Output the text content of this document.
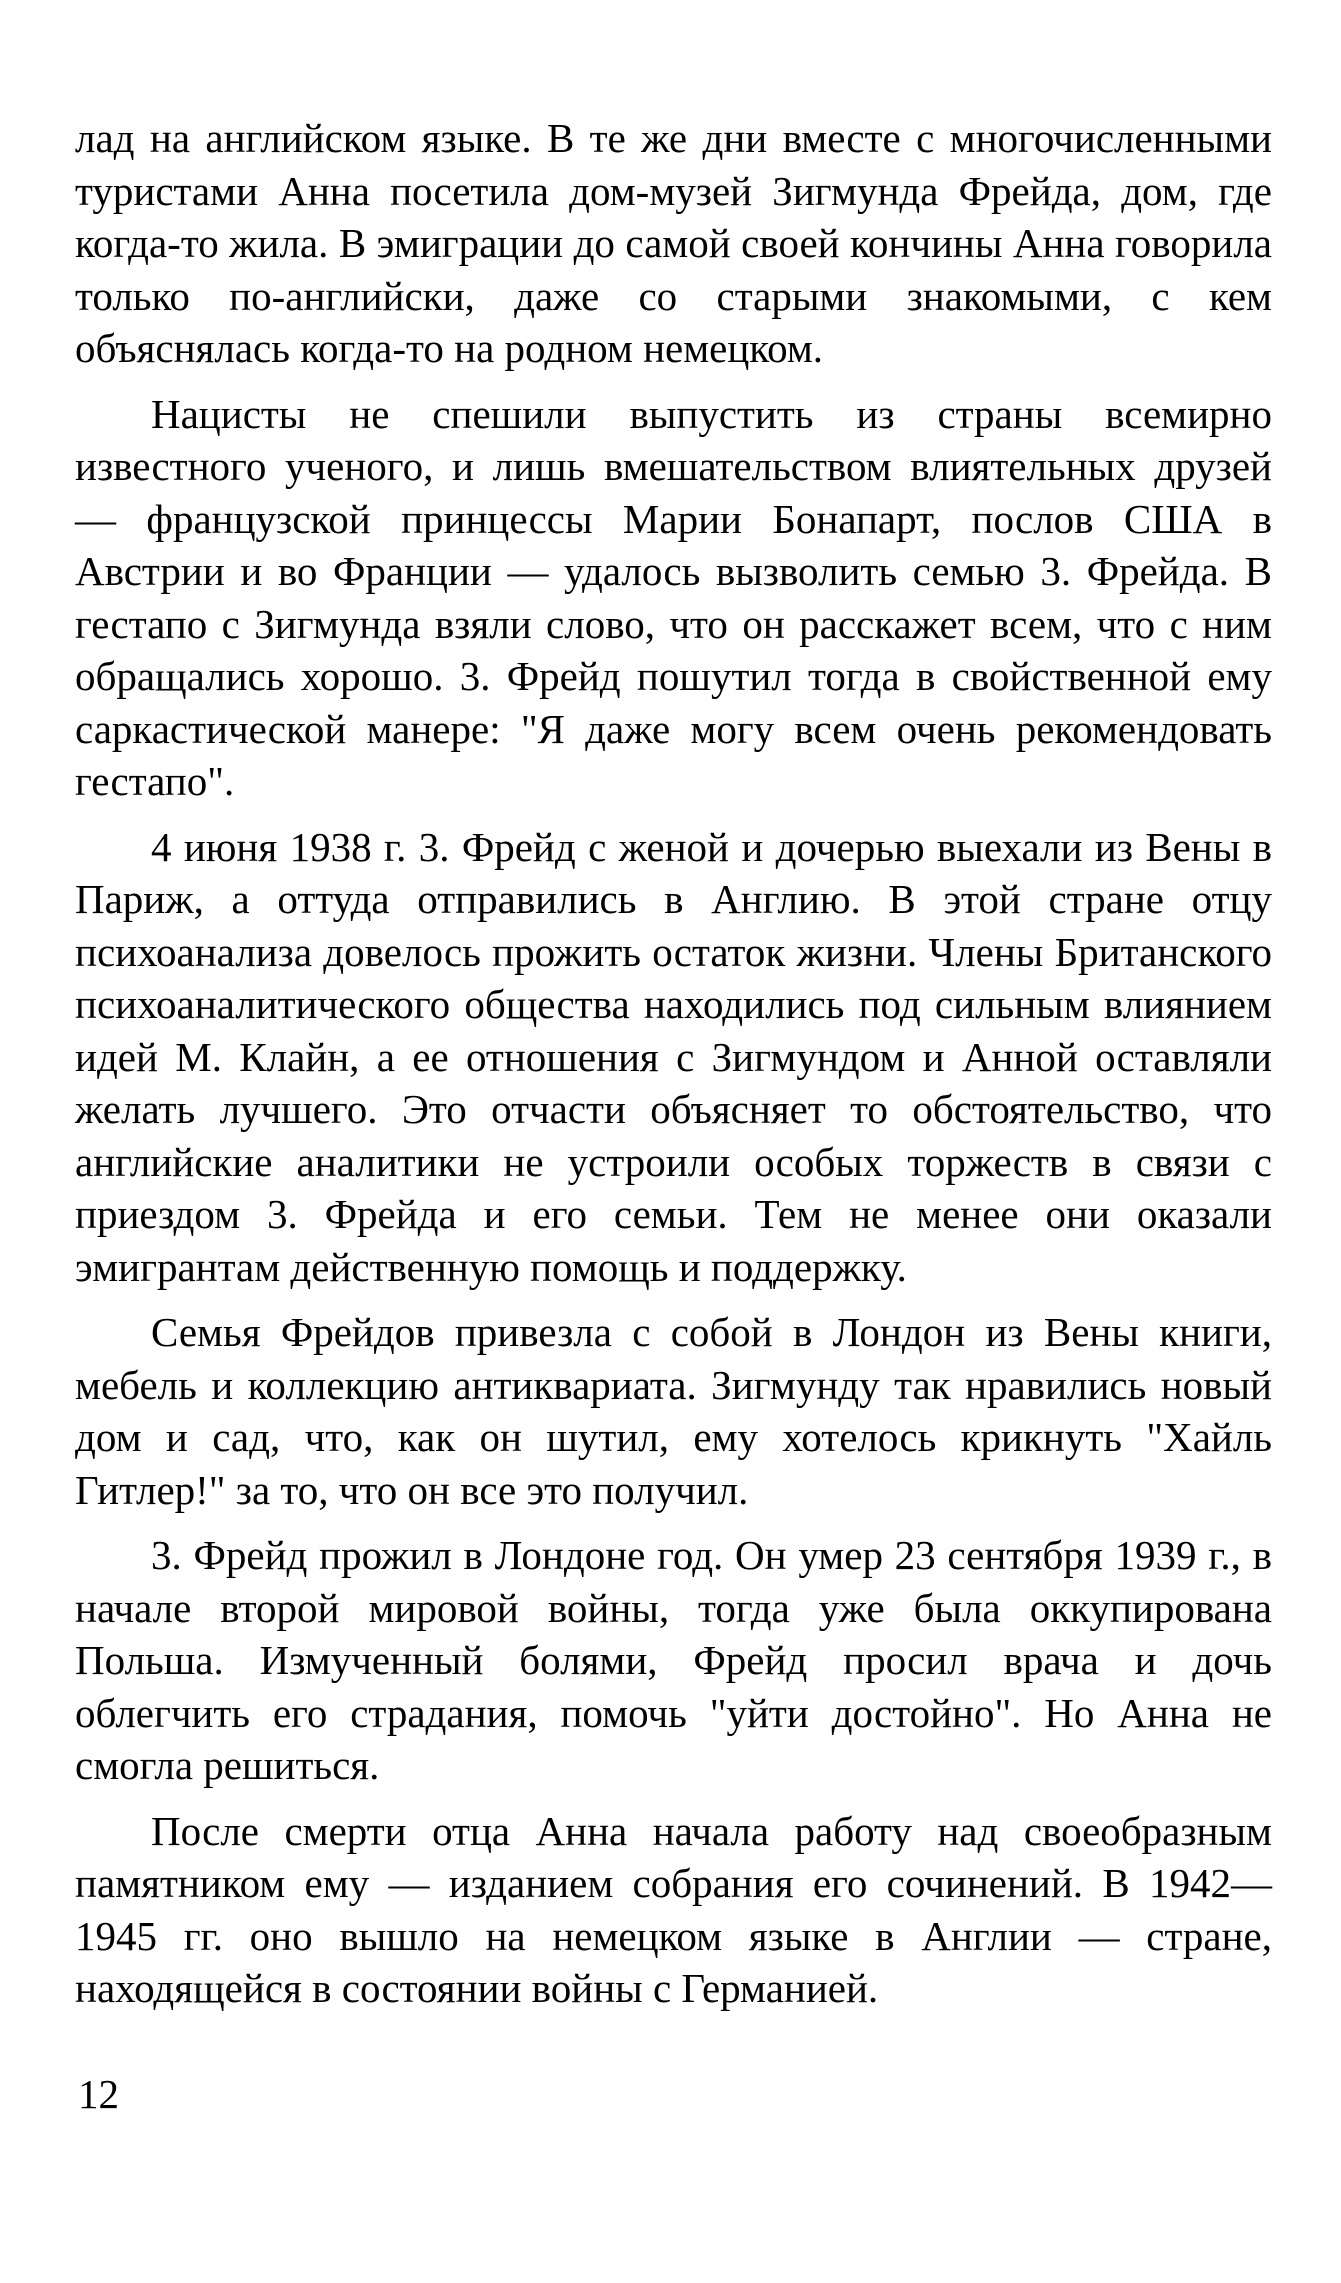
лад на английском языке. В те же дни вместе с многочисленными туристами Анна посетила дом-музей Зигмунда Фрейда, дом, где когда-то жила. В эмиграции до самой своей кончины Анна говорила только по-английски, даже со старыми знакомыми, с кем объяснялась когда-то на родном немецком.

Нацисты не спешили выпустить из страны всемирно известного ученого, и лишь вмешательством влиятельных друзей — французской принцессы Марии Бонапарт, послов США в Австрии и во Франции — удалось вызволить семью 3. Фрейда. В гестапо с Зигмунда взяли слово, что он расскажет всем, что с ним обращались хорошо. 3. Фрейд пошутил тогда в свойственной ему саркастической манере: "Я даже могу всем очень рекомендовать гестапо".

4 июня 1938 г. 3. Фрейд с женой и дочерью выехали из Вены в Париж, а оттуда отправились в Англию. В этой стране отцу психоанализа довелось прожить остаток жизни. Члены Британского психоаналитического общества находились под сильным влиянием идей М. Клайн, а ее отношения с Зигмундом и Анной оставляли желать лучшего. Это отчасти объясняет то обстоятельство, что английские аналитики не устроили особых торжеств в связи с приездом 3. Фрейда и его семьи. Тем не менее они оказали эмигрантам действенную помощь и поддержку.

Семья Фрейдов привезла с собой в Лондон из Вены книги, мебель и коллекцию антиквариата. Зигмунду так нравились новый дом и сад, что, как он шутил, ему хотелось крикнуть "Хайль Гитлер!" за то, что он все это получил.

3. Фрейд прожил в Лондоне год. Он умер 23 сентября 1939 г., в начале второй мировой войны, тогда уже была оккупирована Польша. Измученный болями, Фрейд просил врача и дочь облегчить его страдания, помочь "уйти достойно". Но Анна не смогла решиться.

После смерти отца Анна начала работу над своеобразным памятником ему — изданием собрания его сочинений. В 1942—1945 гг. оно вышло на немецком языке в Англии — стране, находящейся в состоянии войны с Германией.

12
